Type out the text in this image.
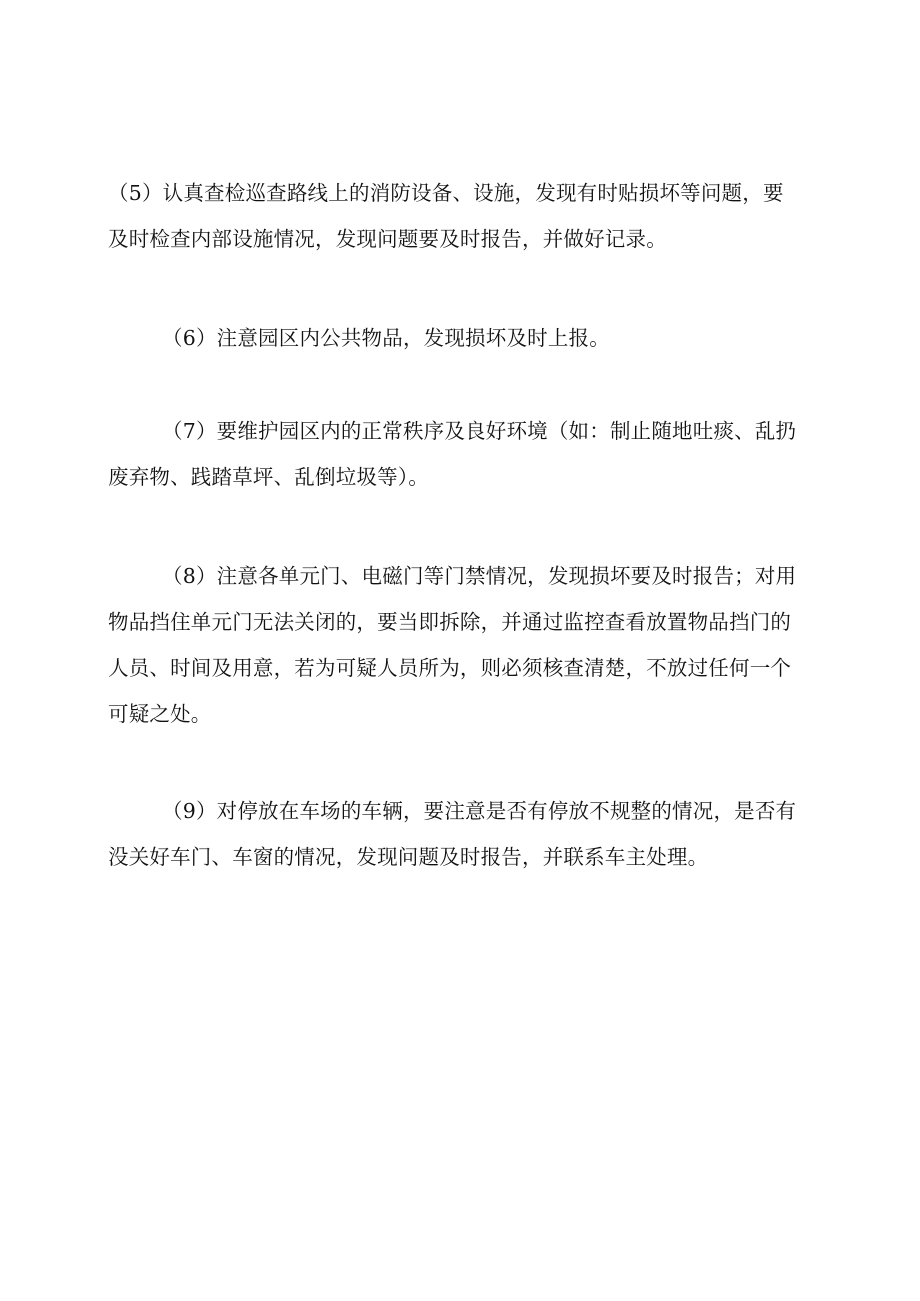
（5）认真查检巡查路线上的消防设备、设施，发现有时贴损坏等问题，要
及时检查内部设施情况，发现问题要及时报告，并做好记录。

（6）注意园区内公共物品，发现损坏及时上报。

（7）要维护园区内的正常秩序及良好环境（如：制止随地吐痰、乱扔
废弃物、践踏草坪、乱倒垃圾等）。

（8）注意各单元门、电磁门等门禁情况，发现损坏要及时报告；对用
物品挡住单元门无法关闭的，要当即拆除，并通过监控查看放置物品挡门的
人员、时间及用意，若为可疑人员所为，则必须核查清楚，不放过任何一个
可疑之处。

（9）对停放在车场的车辆，要注意是否有停放不规整的情况，是否有
没关好车门、车窗的情况，发现问题及时报告，并联系车主处理。
